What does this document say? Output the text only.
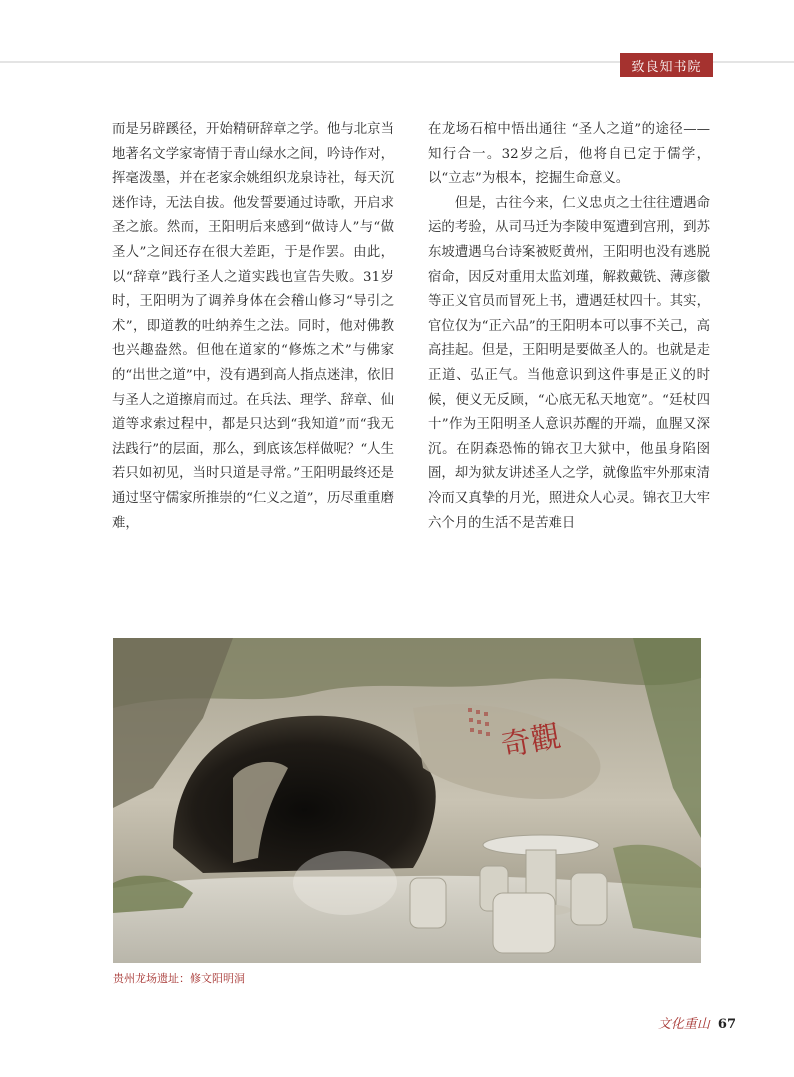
致良知书院

而是另辟蹊径，开始精研辞章之学。他与北京当地著名文学家寄情于青山绿水之间，吟诗作对，挥毫泼墨，并在老家余姚组织龙泉诗社，每天沉迷作诗，无法自拔。他发誓要通过诗歌，开启求圣之旅。然而，王阳明后来感到“做诗人”与“做圣人”之间还存在很大差距，于是作罢。由此，以“辞章”践行圣人之道实践也宣告失败。31岁时，王阳明为了调养身体在会稽山修习“导引之术”，即道教的吐纳养生之法。同时，他对佛教也兴趣盎然。但他在道家的“修炼之术”与佛家的“出世之道”中，没有遇到高人指点迷津，依旧与圣人之道擦肩而过。在兵法、理学、辞章、仙道等求索过程中，都是只达到“我知道”而“我无法践行”的层面，那么，到底该怎样做呢？“人生若只如初见，当时只道是寻常。”王阳明最终还是通过坚守儒家所推崇的“仁义之道”，历尽重重磨难，

在龙场石棺中悟出通往 “圣人之道”的途径——知行合一。32岁之后，他将自已定于儒学，以“立志”为根本，挖掘生命意义。

但是，古往今来，仁义忠贞之士往往遭遇命运的考验，从司马迁为李陵申冤遭到宫刑，到苏东坡遭遇乌台诗案被贬黄州，王阳明也没有逃脱宿命，因反对重用太监刘瑾，解救戴铣、薄彦徽等正义官员而冒死上书，遭遇廷杖四十。其实，官位仅为“正六品”的王阳明本可以事不关己，高高挂起。但是，王阳明是要做圣人的。也就是走正道、弘正气。当他意识到这件事是正义的时候，便义无反顾，“心底无私天地宽”。“廷杖四十”作为王阳明圣人意识苏醒的开端，血腥又深沉。在阴森恐怖的锦衣卫大狱中，他虽身陷囹圄，却为狱友讲述圣人之学，就像监牢外那束清冷而又真挚的月光，照进众人心灵。锦衣卫大牢六个月的生活不是苦难日

奇觀
贵州龙场遗址：修文阳明洞
文化重山 67
